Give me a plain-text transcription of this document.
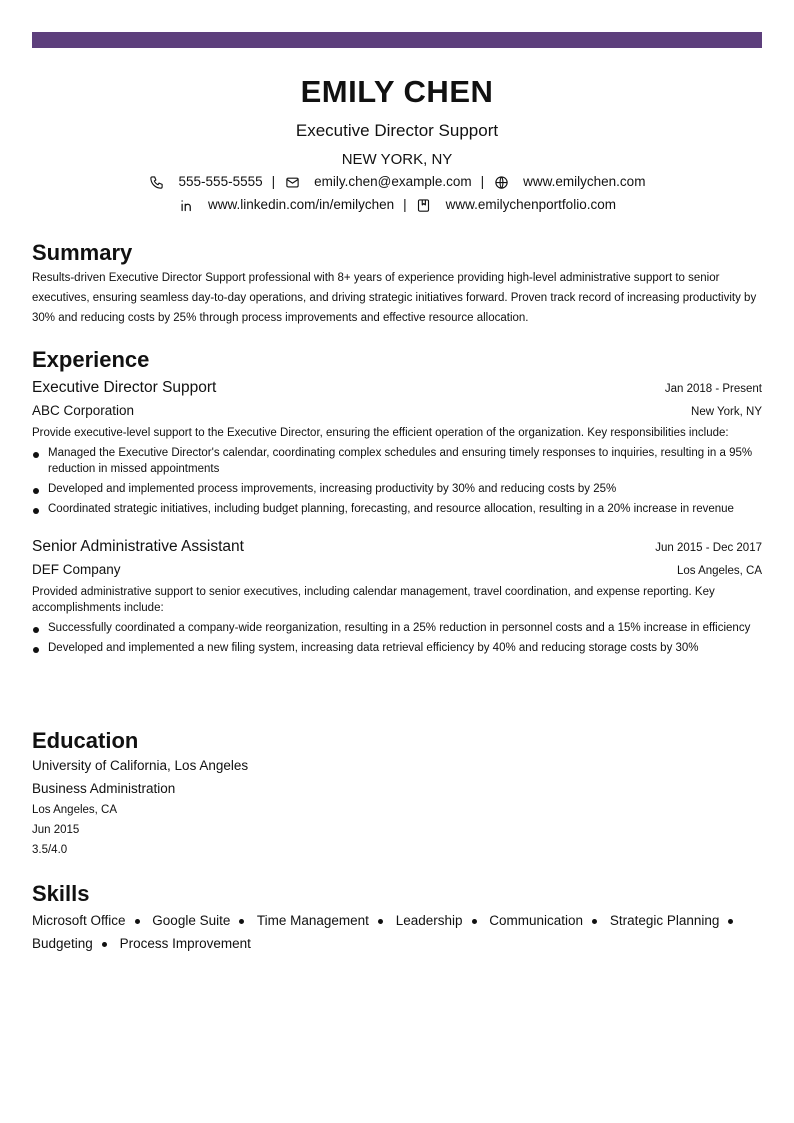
EMILY CHEN
Executive Director Support
NEW YORK, NY
555-555-5555 |	emily.chen@example.com |	www.emilychen.com
www.linkedin.com/in/emilychen |	www.emilychenportfolio.com
Summary
Results-driven Executive Director Support professional with 8+ years of experience providing high-level administrative support to senior executives, ensuring seamless day-to-day operations, and driving strategic initiatives forward. Proven track record of increasing productivity by 30% and reducing costs by 25% through process improvements and effective resource allocation.
Experience
Executive Director Support	Jan 2018 - Present
ABC Corporation	New York, NY
Provide executive-level support to the Executive Director, ensuring the efficient operation of the organization. Key responsibilities include:
Managed the Executive Director's calendar, coordinating complex schedules and ensuring timely responses to inquiries, resulting in a 95% reduction in missed appointments
Developed and implemented process improvements, increasing productivity by 30% and reducing costs by 25%
Coordinated strategic initiatives, including budget planning, forecasting, and resource allocation, resulting in a 20% increase in revenue
Senior Administrative Assistant	Jun 2015 - Dec 2017
DEF Company	Los Angeles, CA
Provided administrative support to senior executives, including calendar management, travel coordination, and expense reporting. Key accomplishments include:
Successfully coordinated a company-wide reorganization, resulting in a 25% reduction in personnel costs and a 15% increase in efficiency
Developed and implemented a new filing system, increasing data retrieval efficiency by 40% and reducing storage costs by 30%
Education
University of California, Los Angeles
Business Administration
Los Angeles, CA
Jun 2015
3.5/4.0
Skills
Microsoft Office Google Suite Time Management Leadership Communication Strategic Planning Budgeting Process Improvement
